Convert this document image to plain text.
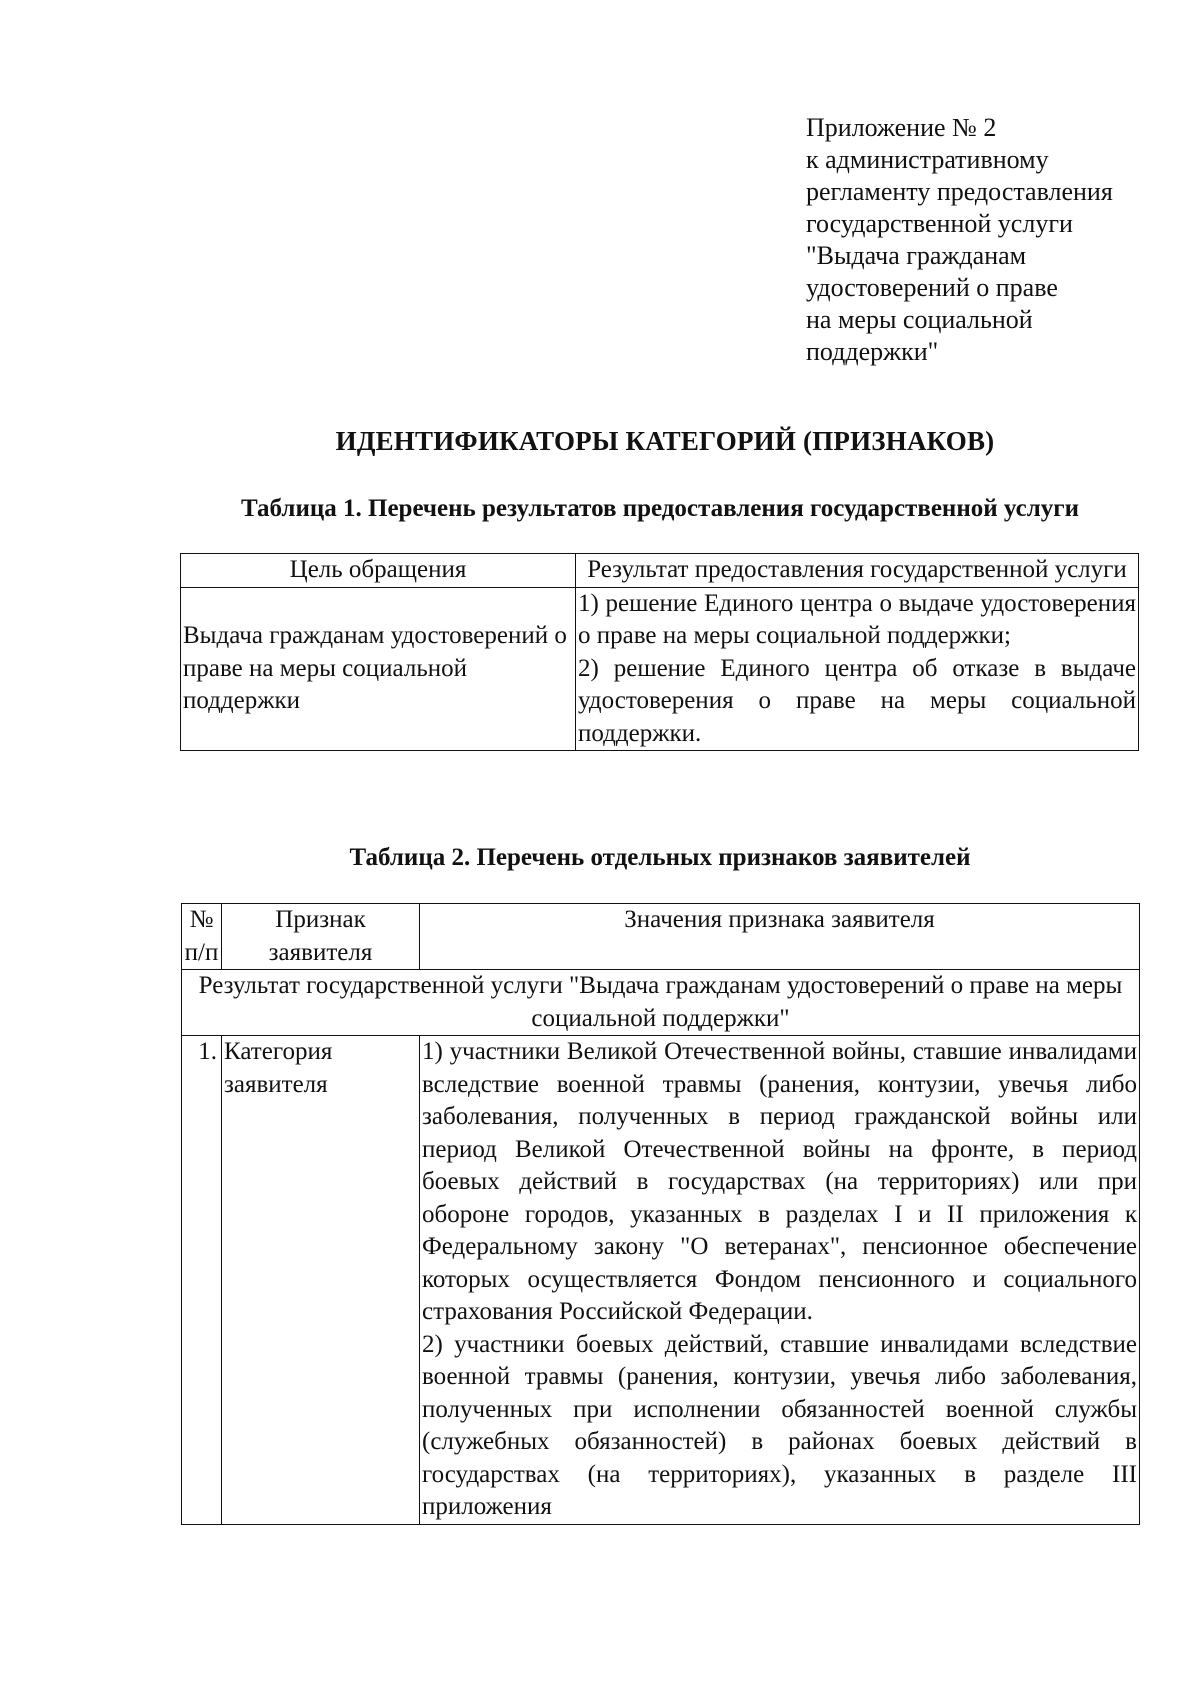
Приложение № 2
к административному
регламенту предоставления
государственной услуги
"Выдача гражданам
удостоверений о праве
на меры социальной
поддержки"
ИДЕНТИФИКАТОРЫ КАТЕГОРИЙ (ПРИЗНАКОВ)
Таблица 1. Перечень результатов предоставления государственной услуги
Цель обращения	Результат предоставления государственной услуги
Выдача гражданам удостоверений о праве на меры социальной поддержки	1) решение Единого центра о выдаче удостоверения о праве на меры социальной поддержки;
2) решение Единого центра об отказе в выдаче удостоверения о праве на меры социальной поддержки.
Таблица 2. Перечень отдельных признаков заявителей
№ п/п	Признак заявителя	Значения признака заявителя
Результат государственной услуги "Выдача гражданам удостоверений о праве на меры социальной поддержки"		
1.	Категория заявителя	1) участники Великой Отечественной войны, ставшие инвалидами вследствие военной травмы (ранения, контузии, увечья либо заболевания, полученных в период гражданской войны или период Великой Отечественной войны на фронте, в период боевых действий в государствах (на территориях) или при обороне городов, указанных в разделах I и II приложения к Федеральному закону "О ветеранах", пенсионное обеспечение которых осуществляется Фондом пенсионного и социального страхования Российской Федерации.
2) участники боевых действий, ставшие инвалидами вследствие военной травмы (ранения, контузии, увечья либо заболевания, полученных при исполнении обязанностей военной службы (служебных обязанностей) в районах боевых действий в государствах (на территориях), указанных в разделе III приложения
